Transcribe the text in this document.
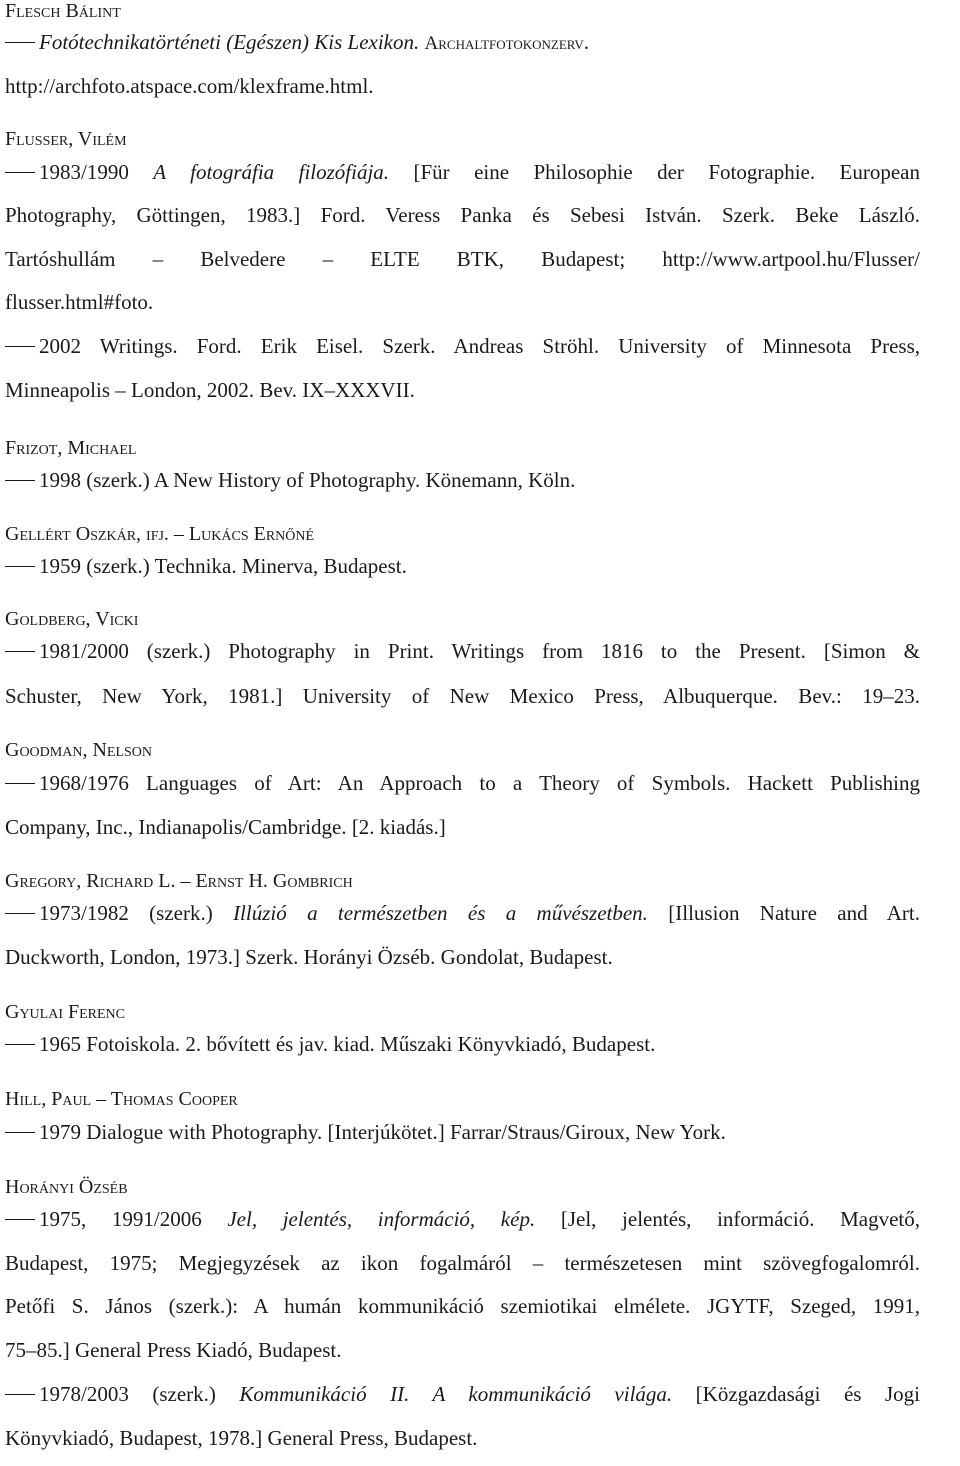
Flesch Bálint
Fotótechnikatörténeti (Egészen) Kis Lexikon. Archaltfotokonzerv.
http://archfoto.atspace.com/klexframe.html.
Flusser, Vilém
1983/1990 A fotográfia filozófiája. [Für eine Philosophie der Fotographie. European
Photography, Göttingen, 1983.] Ford. Veress Panka és Sebesi István. Szerk. Beke László.
Tartóshullám – Belvedere – ELTE BTK, Budapest; http://www.artpool.hu/Flusser/
flusser.html#foto.
2002 Writings. Ford. Erik Eisel. Szerk. Andreas Ströhl. University of Minnesota Press,
Minneapolis – London, 2002. Bev. IX–XXXVII.
Frizot, Michael
1998 (szerk.) A New History of Photography. Könemann, Köln.
Gellért Oszkár, ifj. – Lukács Ernőné
1959 (szerk.) Technika. Minerva, Budapest.
Goldberg, Vicki
1981/2000 (szerk.) Photography in Print. Writings from 1816 to the Present. [Simon &
Schuster, New York, 1981.] University of New Mexico Press, Albuquerque. Bev.: 19–23.
Goodman, Nelson
1968/1976 Languages of Art: An Approach to a Theory of Symbols. Hackett Publishing
Company, Inc., Indianapolis/Cambridge. [2. kiadás.]
Gregory, Richard L. – Ernst H. Gombrich
1973/1982 (szerk.) Illúzió a természetben és a művészetben. [Illusion Nature and Art.
Duckworth, London, 1973.] Szerk. Horányi Özséb. Gondolat, Budapest.
Gyulai Ferenc
1965 Fotoiskola. 2. bővített és jav. kiad. Műszaki Könyvkiadó, Budapest.
Hill, Paul – Thomas Cooper
1979 Dialogue with Photography. [Interjúkötet.] Farrar/Straus/Giroux, New York.
Horányi Özséb
1975, 1991/2006 Jel, jelentés, információ, kép. [Jel, jelentés, információ. Magvető,
Budapest, 1975; Megjegyzések az ikon fogalmáról – természetesen mint szövegfogalomról.
Petőfi S. János (szerk.): A humán kommunikáció szemiotikai elmélete. JGYTF, Szeged, 1991,
75–85.] General Press Kiadó, Budapest.
1978/2003 (szerk.) Kommunikáció II. A kommunikáció világa. [Közgazdasági és Jogi
Könyvkiadó, Budapest, 1978.] General Press, Budapest.
